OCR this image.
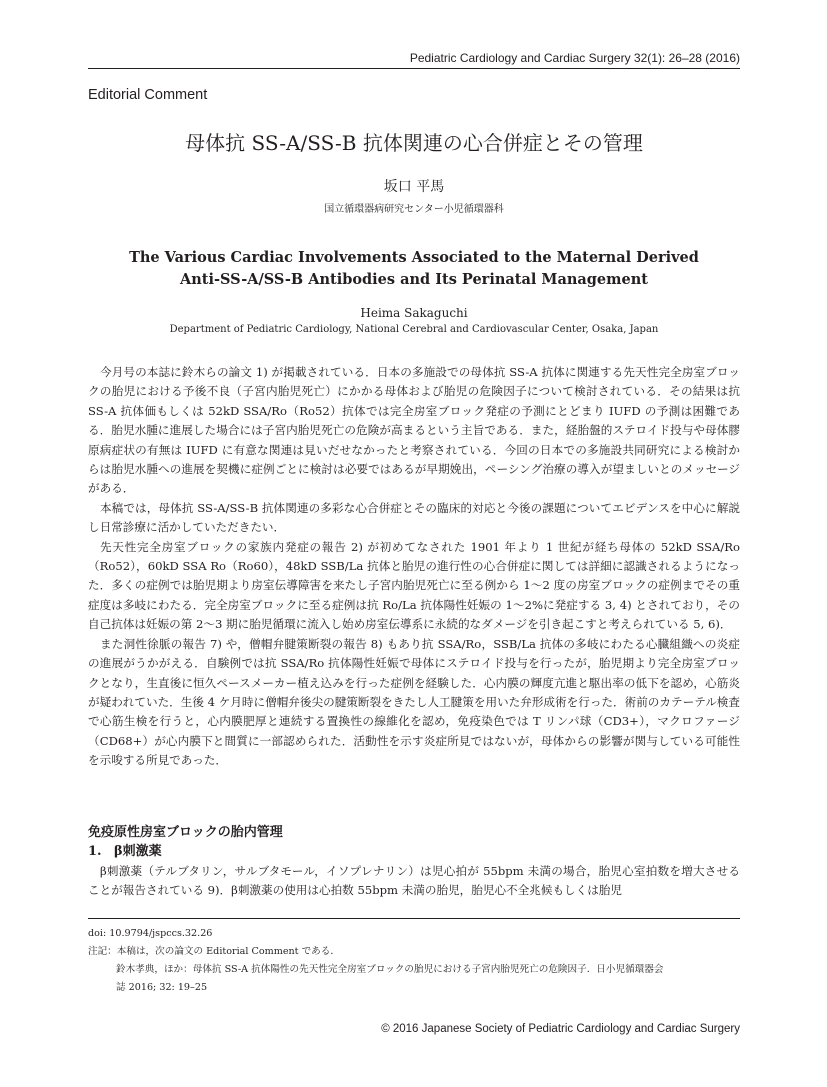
Pediatric Cardiology and Cardiac Surgery 32(1): 26–28 (2016)
Editorial Comment
母体抗 SS-A/SS-B 抗体関連の心合併症とその管理
坂口 平馬
国立循環器病研究センター小児循環器科
The Various Cardiac Involvements Associated to the Maternal Derived
Anti-SS-A/SS-B Antibodies and Its Perinatal Management
Heima Sakaguchi
Department of Pediatric Cardiology, National Cerebral and Cardiovascular Center, Osaka, Japan

今月号の本誌に鈴木らの論文 1) が掲載されている．日本の多施設での母体抗 SS-A 抗体に関連する先天性完全房室ブロックの胎児における予後不良（子宮内胎児死亡）にかかる母体および胎児の危険因子について検討されている．その結果は抗 SS-A 抗体価もしくは 52kD SSA/Ro（Ro52）抗体では完全房室ブロック発症の予測にとどまり IUFD の予測は困難である．胎児水腫に進展した場合には子宮内胎児死亡の危険が高まるという主旨である．また，経胎盤的ステロイド投与や母体膠原病症状の有無は IUFD に有意な関連は見いだせなかったと考察されている．今回の日本での多施設共同研究による検討からは胎児水腫への進展を契機に症例ごとに検討は必要ではあるが早期娩出，ペーシング治療の導入が望ましいとのメッセージがある．

本稿では，母体抗 SS-A/SS-B 抗体関連の多彩な心合併症とその臨床的対応と今後の課題についてエビデンスを中心に解説し日常診療に活かしていただきたい．

先天性完全房室ブロックの家族内発症の報告 2) が初めてなされた 1901 年より 1 世紀が経ち母体の 52kD SSA/Ro（Ro52），60kD SSA Ro（Ro60），48kD SSB/La 抗体と胎児の進行性の心合併症に関しては詳細に認識されるようになった．多くの症例では胎児期より房室伝導障害を来たし子宮内胎児死亡に至る例から 1〜2 度の房室ブロックの症例までその重症度は多岐にわたる．完全房室ブロックに至る症例は抗 Ro/La 抗体陽性妊娠の 1〜2%に発症する 3, 4) とされており，その自己抗体は妊娠の第 2〜3 期に胎児循環に流入し始め房室伝導系に永続的なダメージを引き起こすと考えられている 5, 6)．

また洞性徐脈の報告 7) や，僧帽弁腱策断裂の報告 8) もあり抗 SSA/Ro，SSB/La 抗体の多岐にわたる心臓組織への炎症の進展がうかがえる．自験例では抗 SSA/Ro 抗体陽性妊娠で母体にステロイド投与を行ったが，胎児期より完全房室ブロックとなり，生直後に恒久ペースメーカー植え込みを行った症例を経験した．心内膜の輝度亢進と駆出率の低下を認め，心筋炎が疑われていた．生後 4 ケ月時に僧帽弁後尖の腱策断裂をきたし人工腱策を用いた弁形成術を行った．術前のカテーテル検査で心筋生検を行うと，心内膜肥厚と連続する置換性の線維化を認め，免疫染色では T リンパ球（CD3+），マクロファージ（CD68+）が心内膜下と間質に一部認められた．活動性を示す炎症所見ではないが，母体からの影響が関与している可能性を示唆する所見であった．

免疫原性房室ブロックの胎内管理
1. β刺激薬

β刺激薬（テルブタリン，サルブタモール，イソプレナリン）は児心拍が 55bpm 未満の場合，胎児心室拍数を増大させることが報告されている 9)．β刺激薬の使用は心拍数 55bpm 未満の胎児，胎児心不全兆候もしくは胎児

doi: 10.9794/jspccs.32.26
注記：本稿は，次の論文の Editorial Comment である．
鈴木孝典，ほか：母体抗 SS-A 抗体陽性の先天性完全房室ブロックの胎児における子宮内胎児死亡の危険因子．日小児循環器会
誌 2016; 32: 19–25
© 2016 Japanese Society of Pediatric Cardiology and Cardiac Surgery
